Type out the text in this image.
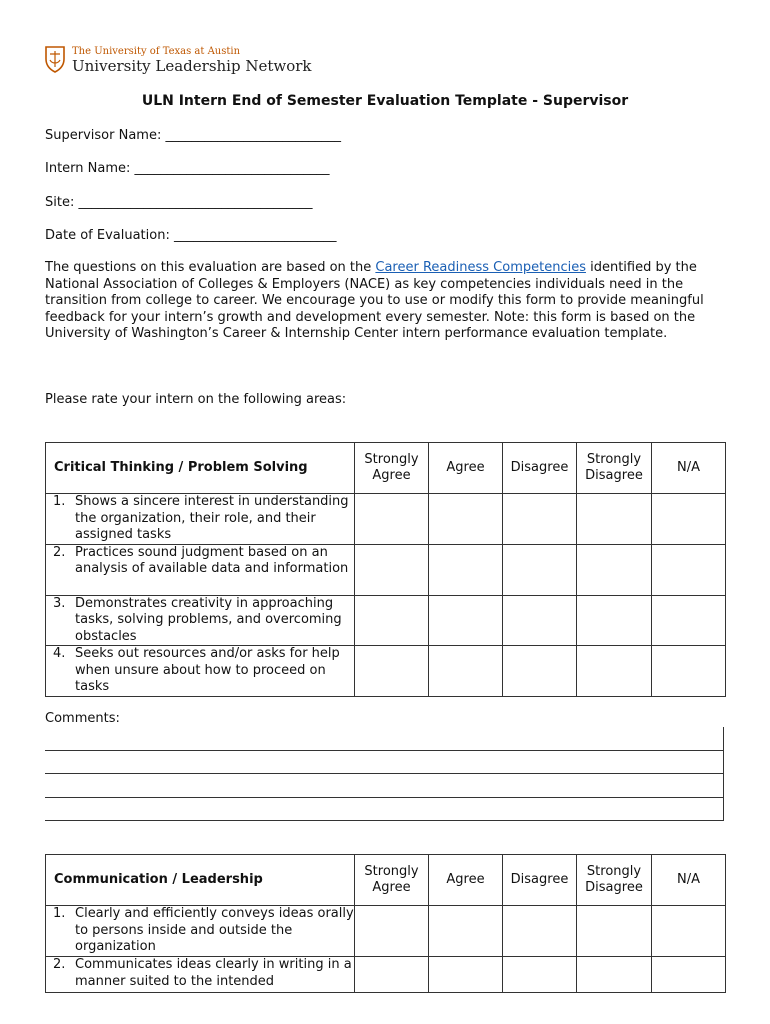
The University of Texas at Austin
University Leadership Network
ULN Intern End of Semester Evaluation Template - Supervisor
Supervisor Name: ___________________________
Intern Name: ______________________________
Site: ____________________________________
Date of Evaluation: _________________________
The questions on this evaluation are based on the Career Readiness Competencies identified by the National Association of Colleges & Employers (NACE) as key competencies individuals need in the transition from college to career. We encourage you to use or modify this form to provide meaningful feedback for your intern’s growth and development every semester. Note: this form is based on the University of Washington’s Career & Internship Center intern performance evaluation template.
Please rate your intern on the following areas:
Critical Thinking / Problem Solving	Strongly Agree	Agree	Disagree	Strongly Disagree	N/A

1. Shows a sincere interest in understanding the organization, their role, and their assigned tasks					

2. Practices sound judgment based on an analysis of available data and information					

3. Demonstrates creativity in approaching tasks, solving problems, and overcoming obstacles					

4. Seeks out resources and/or asks for help when unsure about how to proceed on tasks					

Comments:
Communication / Leadership	Strongly Agree	Agree	Disagree	Strongly Disagree	N/A

1. Clearly and efficiently conveys ideas orally to persons inside and outside the organization					

2. Communicates ideas clearly in writing in a manner suited to the intended					
